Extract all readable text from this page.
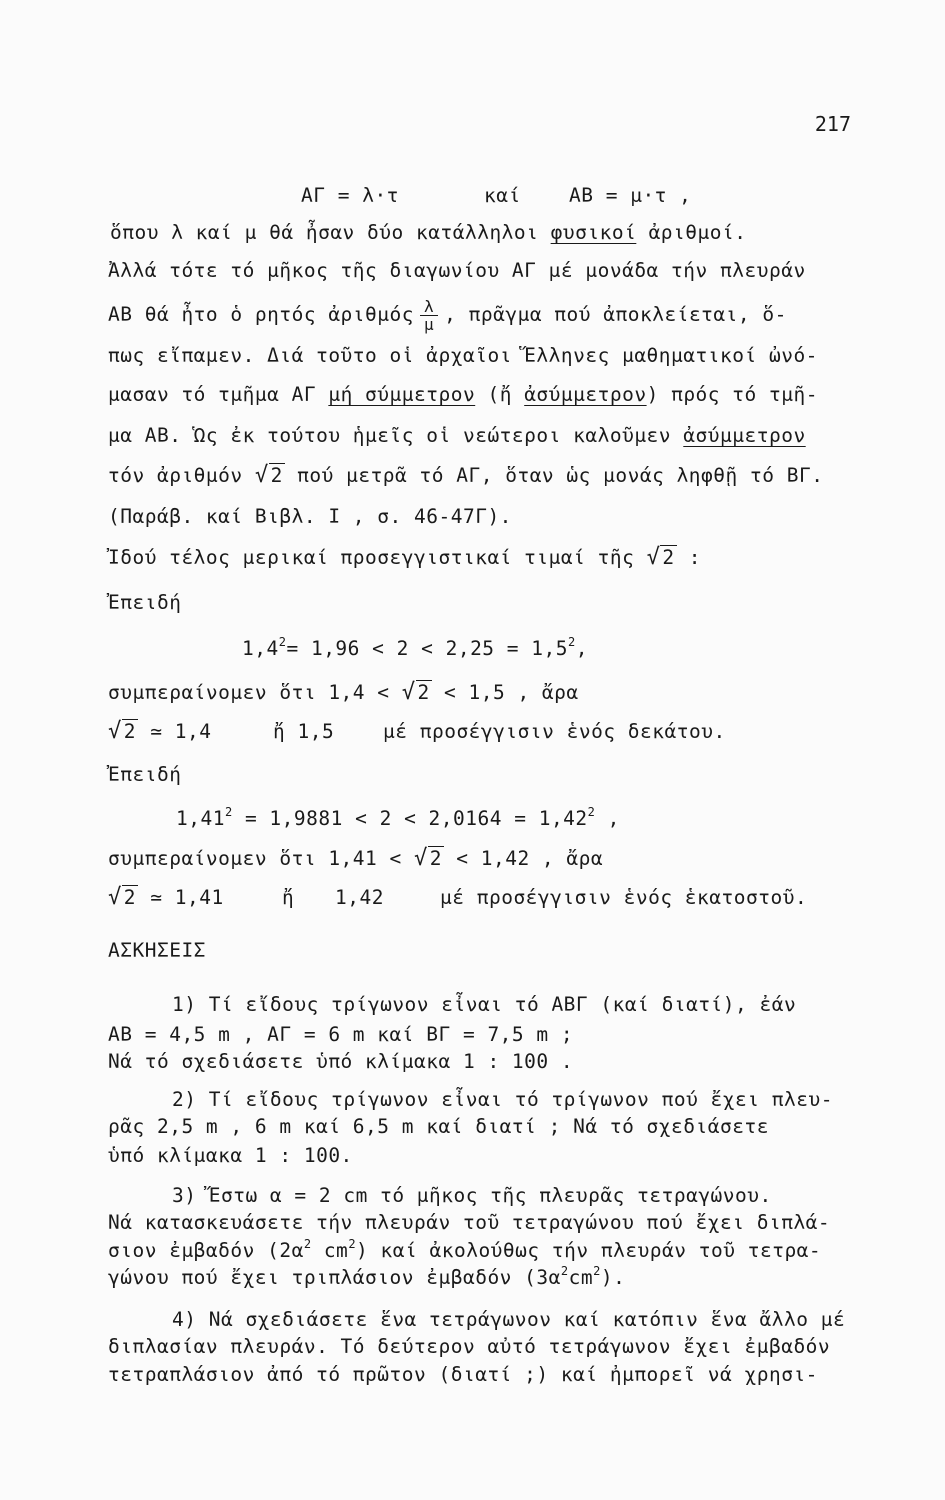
217
ΑΓ = λ·τ	καί ΑΒ = μ·τ ,
ὅπου λ καί μ θά ἦσαν δύο κατάλληλοι φυσικοί ἀριθμοί.
Ἀλλά τότε τό μῆκος τῆς διαγωνίου ΑΓ μέ μονάδα τήν πλευράν
ΑΒ θά ἦτο ὁ ρητός ἀριθμός $\frac{\lambda}{\mu}$ , πρᾶγμα πού ἀποκλείεται, ὅ-
πως εἴπαμεν. Διά τοῦτο οἱ ἀρχαῖοι Ἕλληνες μαθηματικοί ὠνό-
μασαν τό τμῆμα ΑΓ μή σύμμετρον (ἤ ἀσύμμετρον) πρός τό τμῆ-
μα ΑΒ. Ὡς ἐκ τούτου ἡμεῖς οἱ νεώτεροι καλοῦμεν ἀσύμμετρον
τόν ἀριθμόν √ 2 πού μετρᾶ τό ΑΓ, ὅταν ὡς μονάς ληφθῇ τό ΒΓ.
(Παράβ. καί Βιβλ. Ι , σ. 46-47Γ).
Ἰδού τέλος μερικαί προσεγγιστικαί τιμαί τῆς √ 2 :
Ἐπειδή
$1,4^2= 1,96 < 2 < 2,25 = 1,5^2$,
συμπεραίνομεν ὅτι 1,4 < √ 2 < 1,5 , ἄρα
√ 2 ≃ 1,4	ἤ 1,5	μέ προσέγγισιν ἑνός δεκάτου.
Ἐπειδή
$1,41^2 = 1,9881 < 2 < 2,0164 = 1,42^2$ ,
συμπεραίνομεν ὅτι 1,41 < √ 2 < 1,42 , ἄρα
√ 2 ≃ 1,41	ἤ 1,42	μέ προσέγγισιν ἑνός ἑκατοστοῦ.
ΑΣΚΗΣΕΙΣ
1) Τί εἴδους τρίγωνον εἶναι τό ΑΒΓ (καί διατί), ἐάν
ΑΒ = 4,5 m , ΑΓ = 6 m καί ΒΓ = 7,5 m ;
Νά τό σχεδιάσετε ὑπό κλίμακα 1 : 100 .
2) Τί εἴδους τρίγωνον εἶναι τό τρίγωνον πού ἔχει πλευ-
ρᾶς 2,5 m , 6 m καί 6,5 m καί διατί ; Νά τό σχεδιάσετε
ὑπό κλίμακα 1 : 100.
3) Ἔστω α = 2 cm τό μῆκος τῆς πλευρᾶς τετραγώνου.
Νά κατασκευάσετε τήν πλευράν τοῦ τετραγώνου πού ἔχει διπλά-
σιον ἐμβαδόν ($2\alpha^2$ $cm^2$) καί ἀκολούθως τήν πλευράν τοῦ τετρα-
γώνου πού ἔχει τριπλάσιον ἐμβαδόν $(3\alpha^2cm^2)$.
4) Νά σχεδιάσετε ἕνα τετράγωνον καί κατόπιν ἕνα ἄλλο μέ
διπλασίαν πλευράν. Τό δεύτερον αὐτό τετράγωνον ἔχει ἐμβαδόν
τετραπλάσιον ἀπό τό πρῶτον (διατί ;) καί ἠμπορεῖ νά χρησι-
